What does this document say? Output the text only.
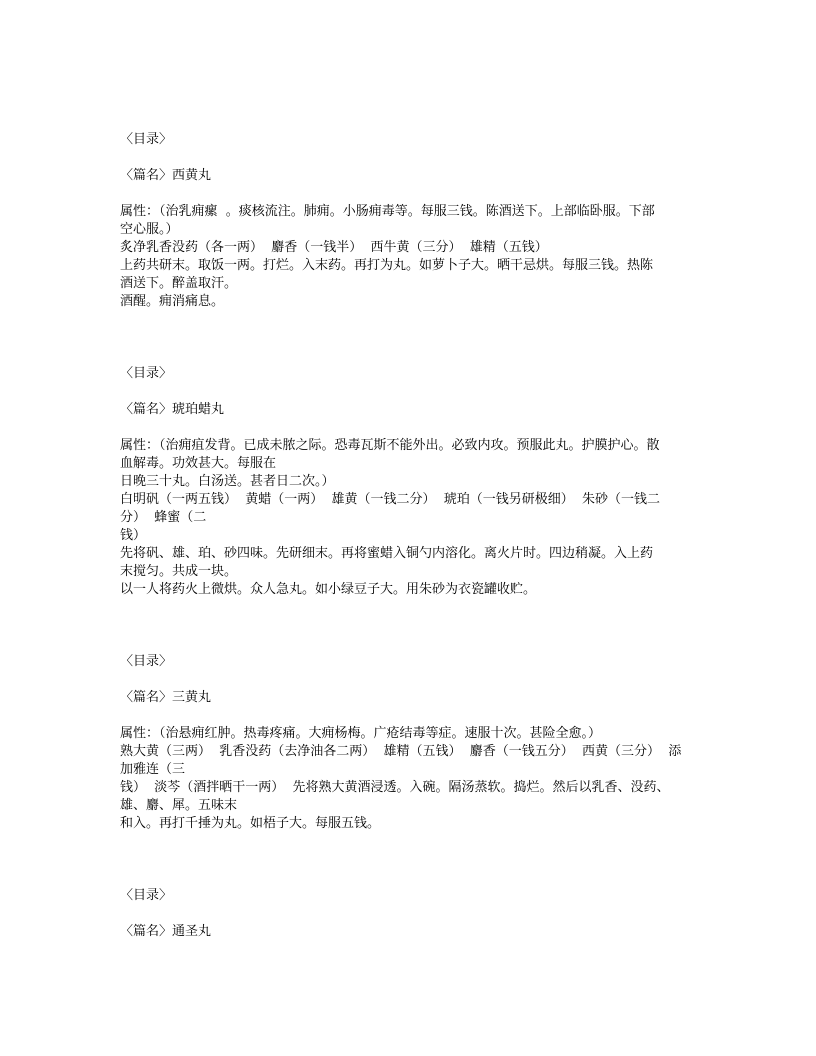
〈目录〉
〈篇名〉西黄丸
属性：（治乳痈瘰  。痰核流注。肺痈。小肠痈毒等。每服三钱。陈酒送下。上部临卧服。下部
空心服。）
炙净乳香没药（各一两）  麝香（一钱半）  西牛黄（三分）  雄精（五钱）
上药共研末。取饭一两。打烂。入末药。再打为丸。如萝卜子大。晒干忌烘。每服三钱。热陈
酒送下。醉盖取汗。
酒醒。痈消痛息。
〈目录〉
〈篇名〉琥珀蜡丸
属性：（治痈疽发背。已成未脓之际。恐毒瓦斯不能外出。必致内攻。预服此丸。护膜护心。散
血解毒。功效甚大。每服在
日晚三十丸。白汤送。甚者日二次。）
白明矾（一两五钱）  黄蜡（一两）  雄黄（一钱二分）  琥珀（一钱另研极细）  朱砂（一钱二
分）  蜂蜜（二
钱）
先将矾、雄、珀、砂四味。先研细末。再将蜜蜡入铜勺内溶化。离火片时。四边稍凝。入上药
末搅匀。共成一块。
以一人将药火上微烘。众人急丸。如小绿豆子大。用朱砂为衣瓷罐收贮。
〈目录〉
〈篇名〉三黄丸
属性：（治悬痈红肿。热毒疼痛。大痈杨梅。广疮结毒等症。速服十次。甚险全愈。）
熟大黄（三两）  乳香没药（去净油各二两）  雄精（五钱）  麝香（一钱五分）  西黄（三分）  添
加雅连（三
钱）  淡芩（酒拌晒干一两）  先将熟大黄酒浸透。入碗。隔汤蒸软。捣烂。然后以乳香、没药、
雄、麝、犀。五味末
和入。再打千捶为丸。如梧子大。每服五钱。
〈目录〉
〈篇名〉通圣丸
